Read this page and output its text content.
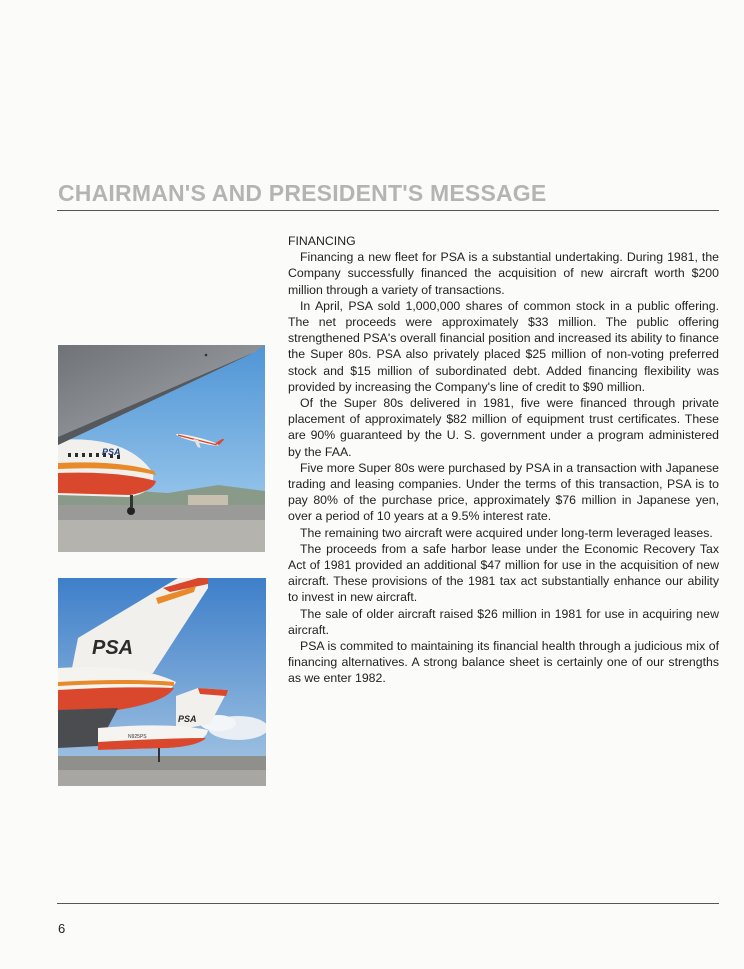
CHAIRMAN'S AND PRESIDENT'S MESSAGE
PSA
PSA
PSA
N925PS
FINANCING

Financing a new fleet for PSA is a substantial undertaking. During 1981, the Company successfully financed the acquisition of new aircraft worth $200 million through a variety of transactions.

In April, PSA sold 1,000,000 shares of common stock in a public offering. The net proceeds were approximately $33 million. The public offering strengthened PSA's overall financial position and increased its ability to finance the Super 80s. PSA also privately placed $25 million of non-voting preferred stock and $15 million of subordinated debt. Added financing flexibility was provided by increasing the Company's line of credit to $90 million.

Of the Super 80s delivered in 1981, five were financed through private placement of approximately $82 million of equipment trust certificates. These are 90% guaranteed by the U. S. government under a program administered by the FAA.

Five more Super 80s were purchased by PSA in a transaction with Japanese trading and leasing companies. Under the terms of this transaction, PSA is to pay 80% of the purchase price, approximately $76 million in Japanese yen, over a period of 10 years at a 9.5% interest rate.

The remaining two aircraft were acquired under long-term leveraged leases.

The proceeds from a safe harbor lease under the Economic Recovery Tax Act of 1981 provided an additional $47 million for use in the acquisition of new aircraft. These provisions of the 1981 tax act substantially enhance our ability to invest in new aircraft.

The sale of older aircraft raised $26 million in 1981 for use in acquiring new aircraft.

PSA is commited to maintaining its financial health through a judicious mix of financing alternatives. A strong balance sheet is certainly one of our strengths as we enter 1982.

6
